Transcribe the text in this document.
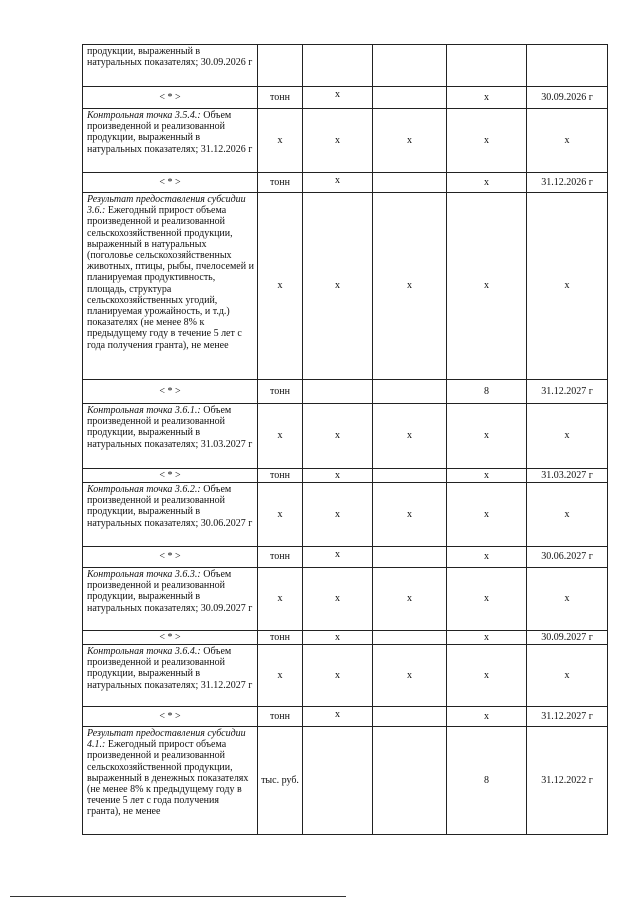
продукции, выраженный в натуральных показателях; 30.09.2026 г					
< * >	тонн	х		х	30.09.2026 г
Контрольная точка 3.5.4.: Объем произведенной и реализованной продукции, выраженный в натуральных показателях; 31.12.2026 г	х	х	х	х	х
< * >	тонн	х		х	31.12.2026 г
Результат предоставления субсидии 3.6.: Ежегодный прирост объема произведенной и реализованной сельскохозяйственной продукции, выраженный в натуральных (поголовье сельскохозяйственных животных, птицы, рыбы, пчелосемей и планируемая продуктивность, площадь, структура сельскохозяйственных угодий, планируемая урожайность, и т.д.) показателях (не менее 8% к предыдущему году в течение 5 лет с года получения гранта), не менее	х	х	х	х	х
< * >	тонн			8	31.12.2027 г
Контрольная точка 3.6.1.: Объем произведенной и реализованной продукции, выраженный в натуральных показателях; 31.03.2027 г	х	х	х	х	х
< * >	тонн	х		х	31.03.2027 г
Контрольная точка 3.6.2.: Объем произведенной и реализованной продукции, выраженный в натуральных показателях; 30.06.2027 г	х	х	х	х	х
< * >	тонн	х		х	30.06.2027 г
Контрольная точка 3.6.3.: Объем произведенной и реализованной продукции, выраженный в натуральных показателях; 30.09.2027 г	х	х	х	х	х
< * >	тонн	х		х	30.09.2027 г
Контрольная точка 3.6.4.: Объем произведенной и реализованной продукции, выраженный в натуральных показателях; 31.12.2027 г	х	х	х	х	х
< * >	тонн	х		х	31.12.2027 г
Результат предоставления субсидии 4.1.: Ежегодный прирост объема произведенной и реализованной сельскохозяйственной продукции, выраженный в денежных показателях (не менее 8% к предыдущему году в течение 5 лет с года получения гранта), не менее	тыс. руб.			8	31.12.2022 г
